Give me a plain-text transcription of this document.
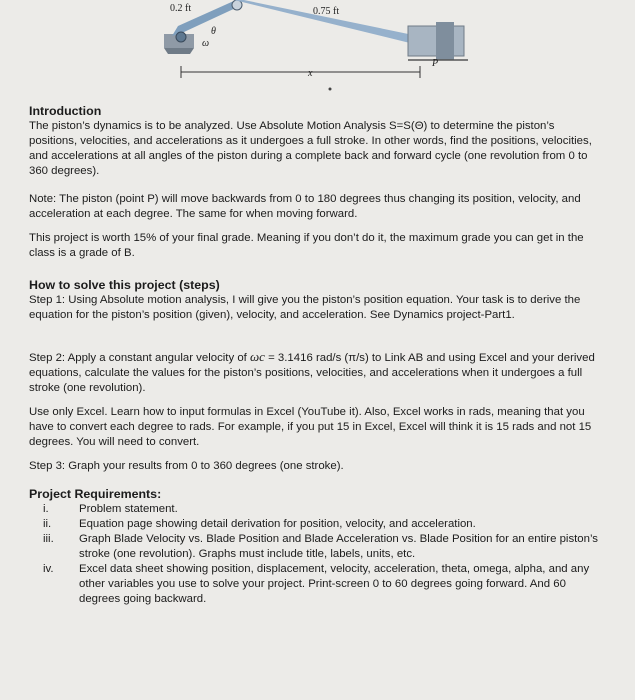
0.2 ft	0.75 ft
ω
θ
x
P

Introduction

The piston’s dynamics is to be analyzed. Use Absolute Motion Analysis S=S(Θ) to determine the piston’s positions, velocities, and accelerations as it undergoes a full stroke. In other words, find the positions, velocities, and accelerations at all angles of the piston during a complete back and forward cycle (one revolution from 0 to 360 degrees).

Note: The piston (point P) will move backwards from 0 to 180 degrees thus changing its position, velocity, and acceleration at each degree. The same for when moving forward.

This project is worth 15% of your final grade. Meaning if you don’t do it, the maximum grade you can get in the class is a grade of B.

How to solve this project (steps)

Step 1: Using Absolute motion analysis, I will give you the piston’s position equation. Your task is to derive the equation for the piston’s position (given), velocity, and acceleration. See Dynamics project-Part1.

Step 2: Apply a constant angular velocity of ωc = 3.1416 rad/s (π/s) to Link AB and using Excel and your derived equations, calculate the values for the piston’s positions, velocities, and accelerations when it undergoes a full stroke (one revolution).

Use only Excel. Learn how to input formulas in Excel (YouTube it). Also, Excel works in rads, meaning that you have to convert each degree to rads. For example, if you put 15 in Excel, Excel will think it is 15 rads and not 15 degrees. You will need to convert.

Step 3: Graph your results from 0 to 360 degrees (one stroke).

Project Requirements:

i.	Problem statement.
ii. Equation page showing detail derivation for position, velocity, and acceleration.
iii. Graph Blade Velocity vs. Blade Position and Blade Acceleration vs. Blade Position for an entire piston’s stroke (one revolution). Graphs must include title, labels, units, etc.
iv. Excel data sheet showing position, displacement, velocity, acceleration, theta, omega, alpha, and any other variables you use to solve your project. Print-screen 0 to 60 degrees going forward. And 60 degrees going backward.
